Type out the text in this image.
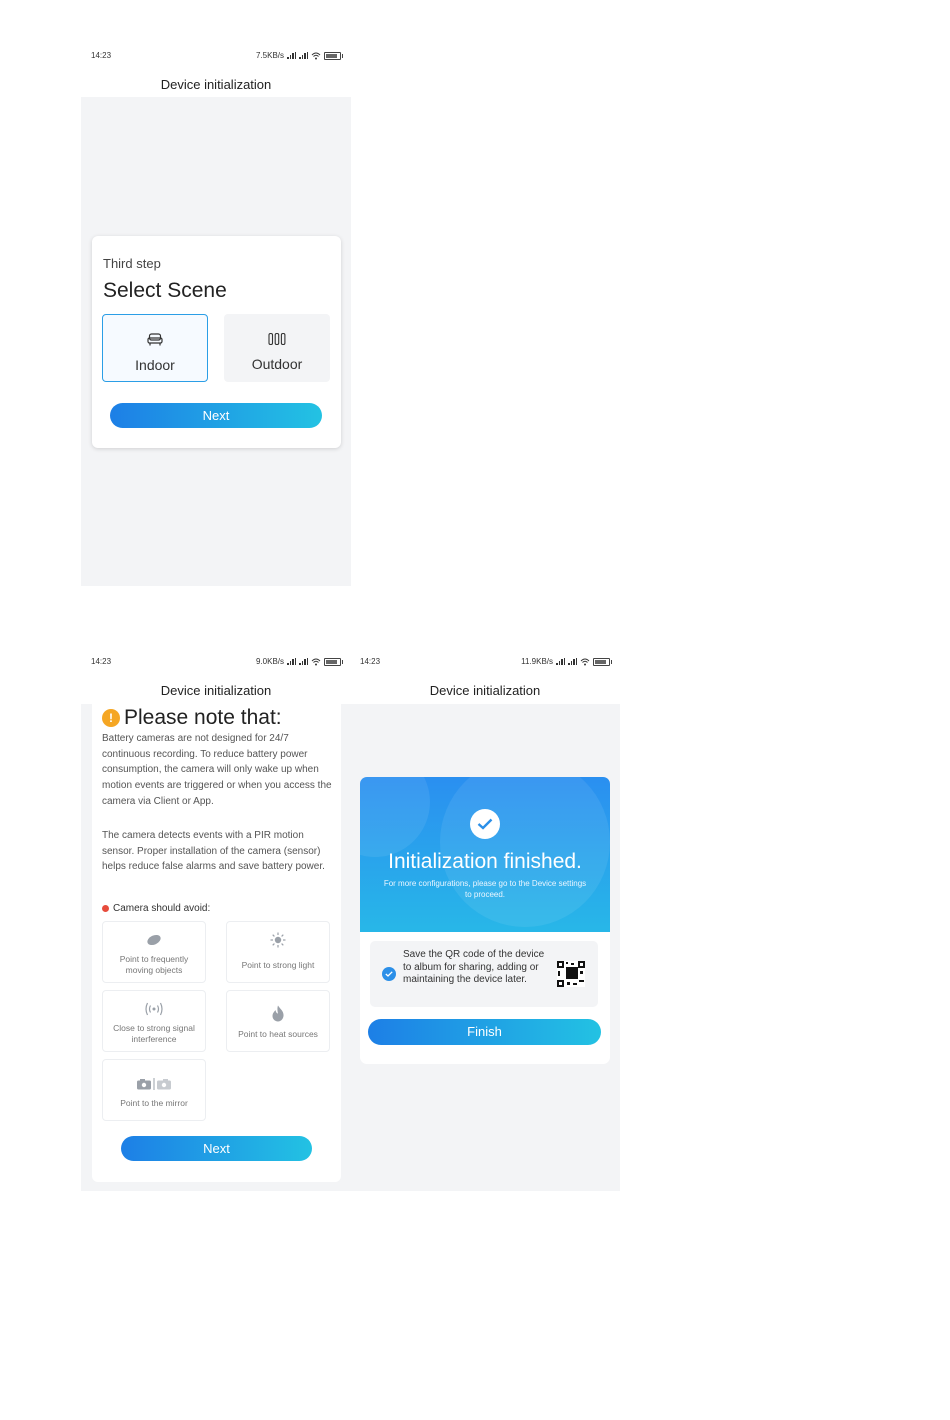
14:23	7.5KB/s
Device initialization
Third step
Select Scene
Indoor	Outdoor
Next
14:23	9.0KB/s
Device initialization
! Please note that:
Battery cameras are not designed for 24/7 continuous recording. To reduce battery power consumption, the camera will only wake up when motion events are triggered or when you access the camera via Client or App.
The camera detects events with a PIR motion sensor. Proper installation of the camera (sensor) helps reduce false alarms and save battery power.
Camera should avoid:
Point to frequently moving objects	Point to strong light
Close to strong signal interference	Point to heat sources
Point to the mirror
Next
14:23	11.9KB/s
Device initialization
Initialization finished.
For more configurations, please go to the Device settings to proceed.
Save the QR code of the device to album for sharing, adding or maintaining the device later.
Finish
